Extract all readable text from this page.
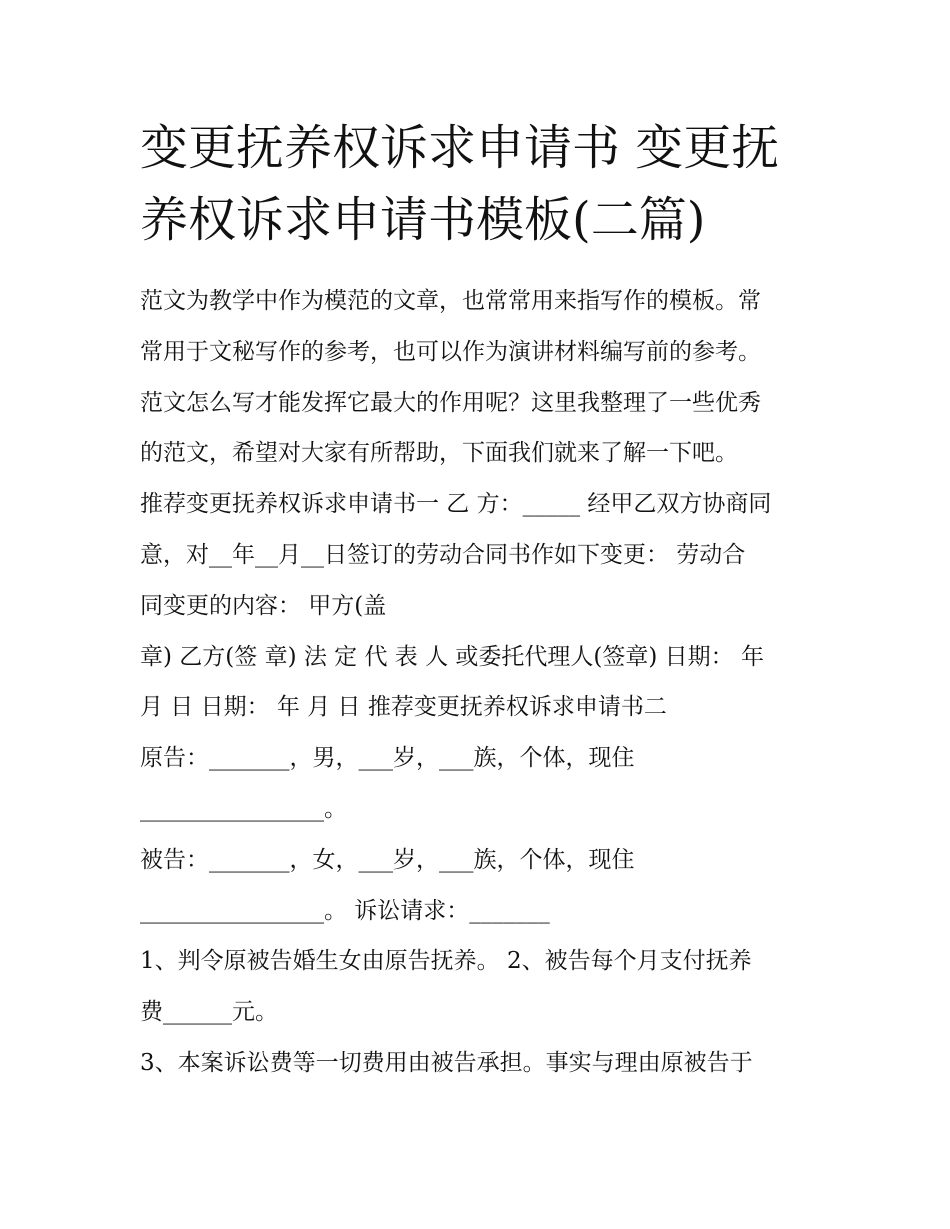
变更抚养权诉求申请书 变更抚
养权诉求申请书模板(二篇)
范文为教学中作为模范的文章，也常常用来指写作的模板。常
常用于文秘写作的参考，也可以作为演讲材料编写前的参考。
范文怎么写才能发挥它最大的作用呢？这里我整理了一些优秀
的范文，希望对大家有所帮助，下面我们就来了解一下吧。
推荐变更抚养权诉求申请书一 乙 方：_____ 经甲乙双方协商同
意，对__年__月__日签订的劳动合同书作如下变更： 劳动合
同变更的内容： 甲方(盖
章) 乙方(签 章) 法 定 代 表 人 或委托代理人(签章) 日期： 年
月 日 日期： 年 月 日 推荐变更抚养权诉求申请书二
原告：_______，男，___岁，___族，个体，现住
________________。
被告：_______，女，___岁，___族，个体，现住
________________。 诉讼请求：_______
1、判令原被告婚生女由原告抚养。 2、被告每个月支付抚养
费______元。
3、本案诉讼费等一切费用由被告承担。事实与理由原被告于
